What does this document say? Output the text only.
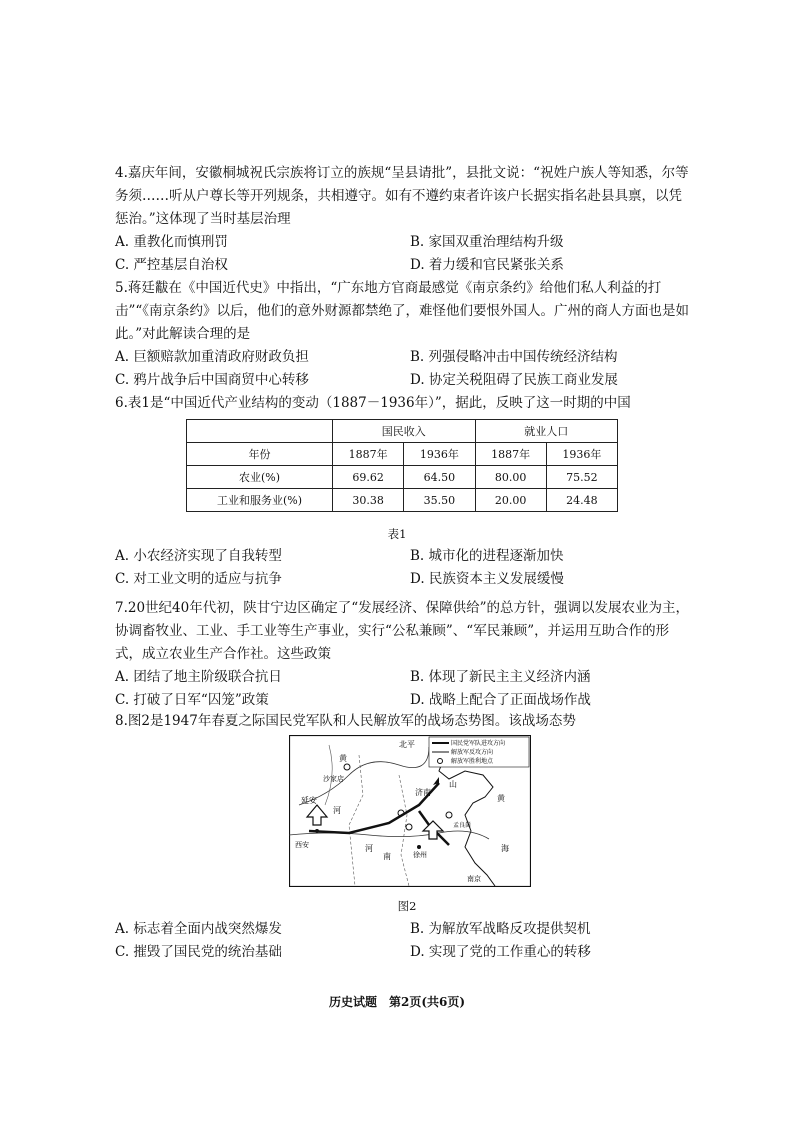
4.嘉庆年间，安徽桐城祝氏宗族将订立的族规“呈县请批”，县批文说：“祝姓户族人等知悉，尔等务须……听从户尊长等开列规条，共相遵守。如有不遵约束者许该户长据实指名赴县具禀，以凭惩治。”这体现了当时基层治理

A. 重教化而慎刑罚	B. 家国双重治理结构升级
C. 严控基层自治权	D. 着力缓和官民紧张关系

5.蒋廷黻在《中国近代史》中指出，“广东地方官商最感觉《南京条约》给他们私人利益的打击”“《南京条约》以后，他们的意外财源都禁绝了，难怪他们要恨外国人。广州的商人方面也是如此。”对此解读合理的是

A. 巨额赔款加重清政府财政负担	B. 列强侵略冲击中国传统经济结构
C. 鸦片战争后中国商贸中心转移	D. 协定关税阻碍了民族工商业发展

6.表1是“中国近代产业结构的变动（1887－1936年）”，据此，反映了这一时期的中国

	国民收入		就业人口	
年份	1887年	1936年	1887年	1936年
农业(%)	69.62	64.50	80.00	75.52
工业和服务业(%)	30.38	35.50	20.00	24.48
表1
A. 小农经济实现了自我转型	B. 城市化的进程逐渐加快
C. 对工业文明的适应与抗争	D. 民族资本主义发展缓慢

7.20世纪40年代初，陕甘宁边区确定了“发展经济、保障供给”的总方针，强调以发展农业为主，协调畜牧业、工业、手工业等生产事业，实行“公私兼顾”、“军民兼顾”，并运用互助合作的形式，成立农业生产合作社。这些政策

A. 团结了地主阶级联合抗日	B. 体现了新民主主义经济内涵
C. 打破了日军“囚笼”政策	D. 战略上配合了正面战场作战

8.图2是1947年春夏之际国民党军队和人民解放军的战场态势图。该战场态势

国民党军队进攻方向
解放军反攻方向
解放军胜利地点
北平
黄
沙家店
延安
河
济南
山
西安	河
南
孟良崮
徐州
黄
海
南京
图2
A. 标志着全面内战突然爆发	B. 为解放军战略反攻提供契机
C. 摧毁了国民党的统治基础	D. 实现了党的工作重心的转移
历史试题　第2页(共6页)
